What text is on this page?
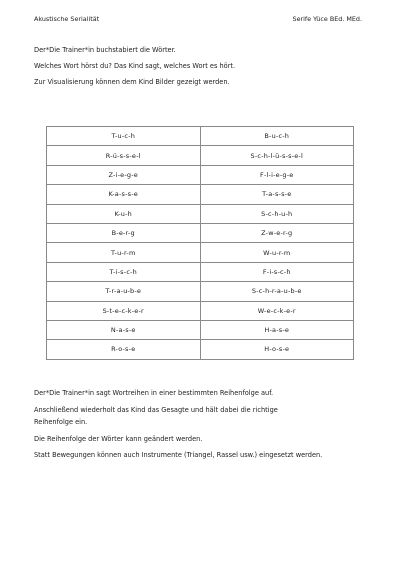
Akustische Serialität	Serife Yüce BEd. MEd.

Der*Die Trainer*in buchstabiert die Wörter.

Welches Wort hörst du? Das Kind sagt, welches Wort es hört.

Zur Visualisierung können dem Kind Bilder gezeigt werden.

T-u-c-h	B-u-c-h
R-ü-s-s-e-l	S-c-h-l-ü-s-s-e-l
Z-i-e-g-e	F-l-i-e-g-e
K-a-s-s-e	T-a-s-s-e
K-u-h	S-c-h-u-h
B-e-r-g	Z-w-e-r-g
T-u-r-m	W-u-r-m
T-i-s-c-h	F-i-s-c-h
T-r-a-u-b-e	S-c-h-r-a-u-b-e
S-t-e-c-k-e-r	W-e-c-k-e-r
N-a-s-e	H-a-s-e
R-o-s-e	H-o-s-e

Der*Die Trainer*in sagt Wortreihen in einer bestimmten Reihenfolge auf.

Anschließend wiederholt das Kind das Gesagte und hält dabei die richtige

Reihenfolge ein.

Die Reihenfolge der Wörter kann geändert werden.

Statt Bewegungen können auch Instrumente (Triangel, Rassel usw.) eingesetzt werden.
